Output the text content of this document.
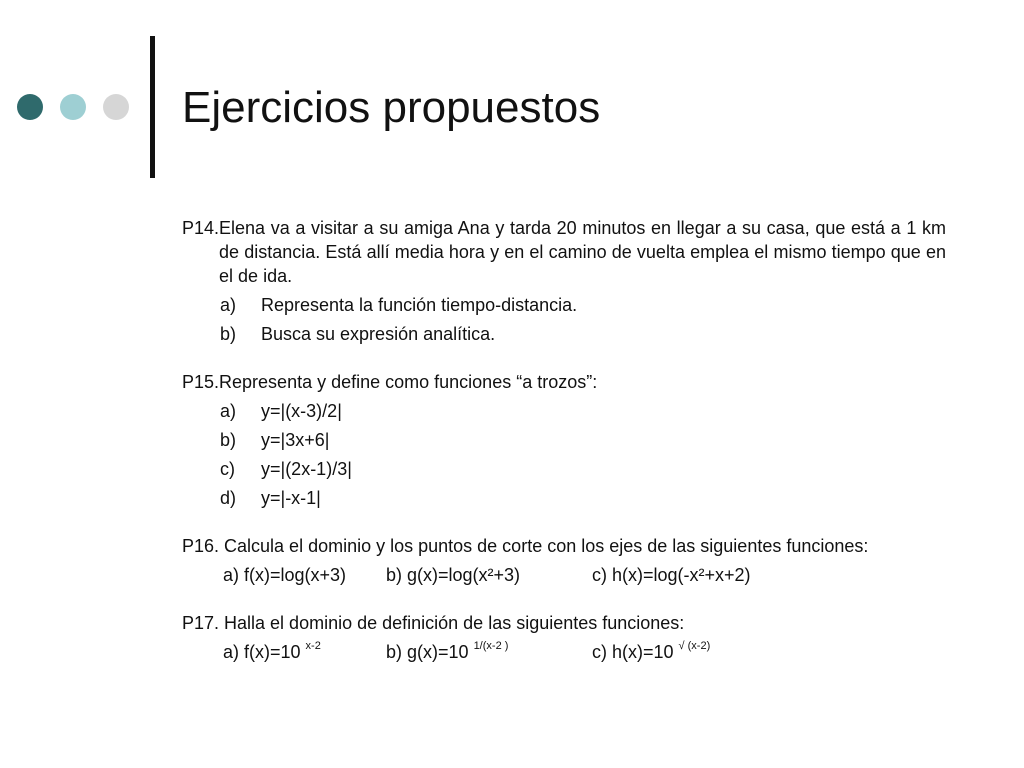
Ejercicios propuestos
P14. Elena va a visitar a su amiga Ana y tarda 20 minutos en llegar a su casa, que está a 1 km de distancia. Está allí media hora y en el camino de vuelta emplea el mismo tiempo que en el de ida.
a)	Representa la función tiempo-distancia.
b)	Busca su expresión analítica.
P15. Representa y define como funciones “a trozos”:
a)	y=|(x-3)/2|
b)	y=|3x+6|
c)	y=|(2x-1)/3|
d)	y=|-x-1|
P16. Calcula el dominio y los puntos de corte con los ejes de las siguientes funciones:
a) f(x)=log(x+3)	b) g(x)=log(x²+3)	c) h(x)=log(-x²+x+2)
P17. Halla el dominio de definición de las siguientes funciones:
a) f(x)=10 $^{x-2}$	b) g(x)=10 $^{1/(x-2 )}$	c) h(x)=10 $^{√ (x-2)}$
